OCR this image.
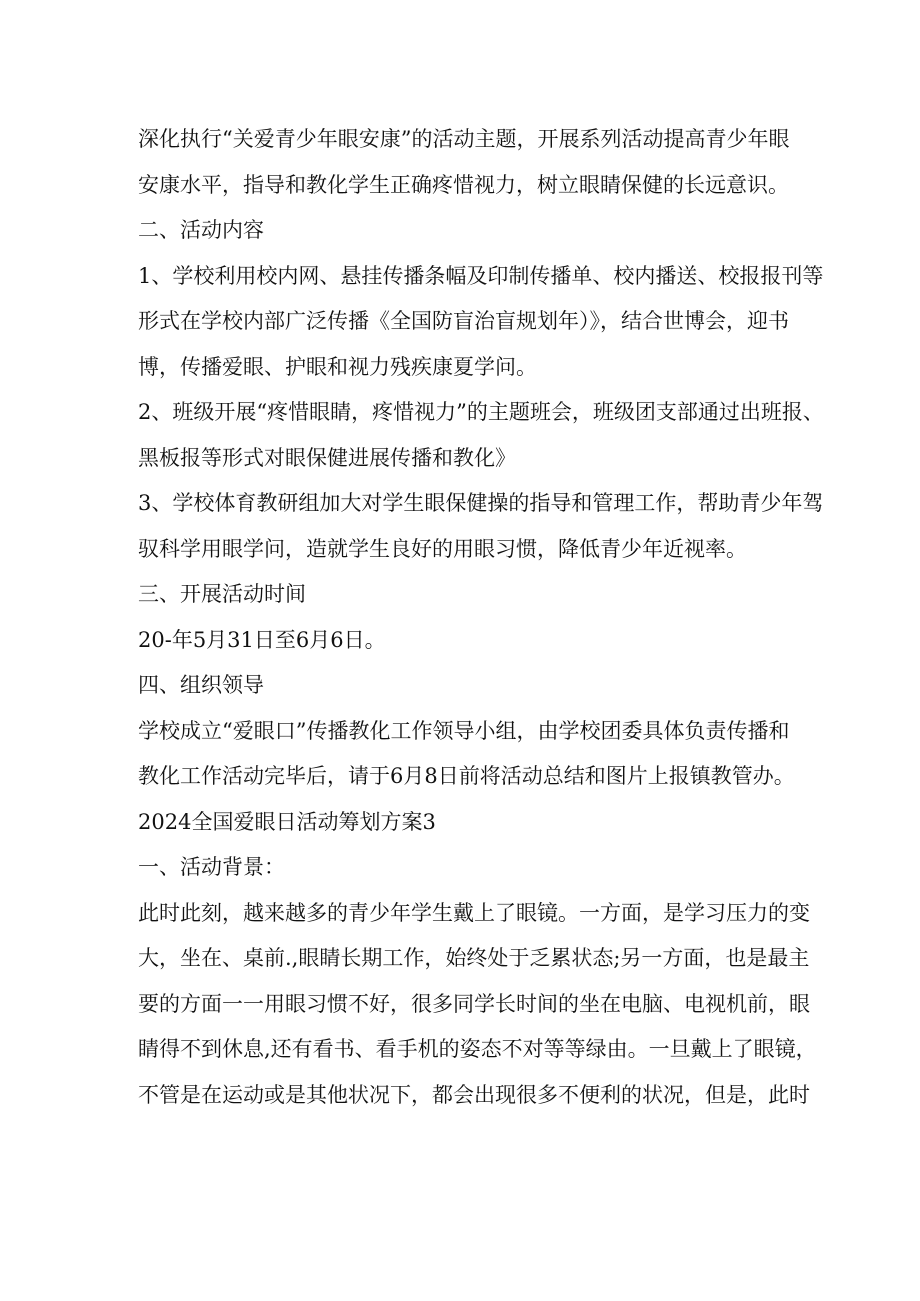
深化执行“关爱青少年眼安康”的活动主题，开展系列活动提高青少年眼
安康水平，指导和教化学生正确疼惜视力，树立眼睛保健的长远意识。
二、活动内容
1、学校利用校内网、悬挂传播条幅及印制传播单、校内播送、校报报刊等
形式在学校内部广泛传播《全国防盲治盲规划年）》，结合世博会，迎书
博，传播爱眼、护眼和视力残疾康夏学问。
2、班级开展“疼惜眼睛，疼惜视力”的主题班会，班级团支部通过出班报、
黑板报等形式对眼保健进展传播和教化》
3、学校体育教研组加大对学生眼保健操的指导和管理工作，帮助青少年驾
驭科学用眼学问，造就学生良好的用眼习惯，降低青少年近视率。
三、开展活动时间
20-年5月31日至6月6日。
四、组织领导
学校成立“爱眼口”传播教化工作领导小组，由学校团委具体负责传播和
教化工作活动完毕后，请于6月8日前将活动总结和图片上报镇教管办。
2024全国爱眼日活动筹划方案3
一、活动背景：
此时此刻，越来越多的青少年学生戴上了眼镜。一方面，是学习压力的变
大，坐在、桌前.,眼睛长期工作，始终处于乏累状态;另一方面，也是最主
要的方面一一用眼习惯不好，很多同学长时间的坐在电脑、电视机前，眼
睛得不到休息,还有看书、看手机的姿态不对等等绿由。一旦戴上了眼镜，
不管是在运动或是其他状况下，都会出现很多不便利的状况，但是，此时
